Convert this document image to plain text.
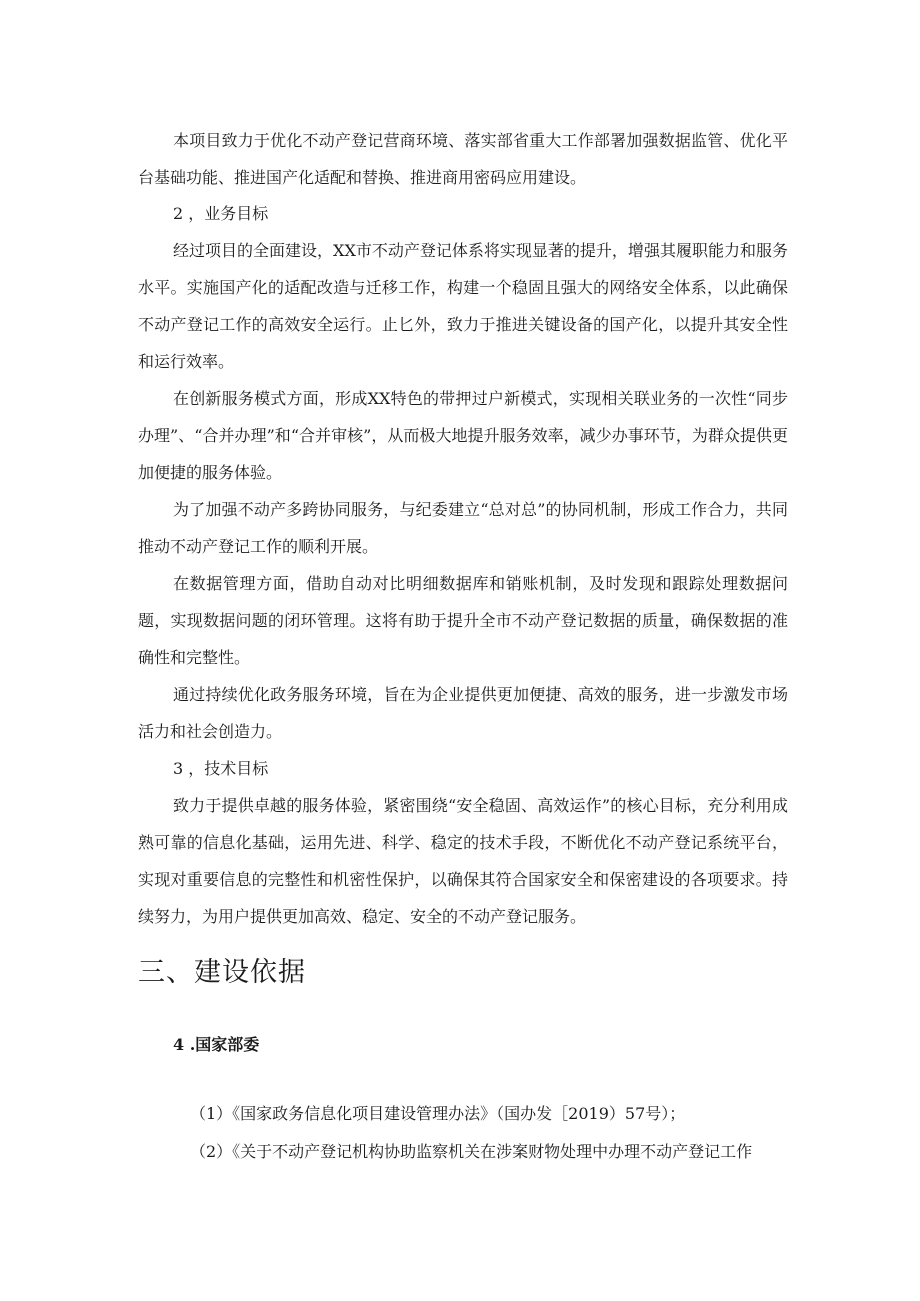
本项目致力于优化不动产登记营商环境、落实部省重大工作部署加强数据监管、优化平台基础功能、推进国产化适配和替换、推进商用密码应用建设。

2 ，业务目标

经过项目的全面建设，XX市不动产登记体系将实现显著的提升，增强其履职能力和服务水平。实施国产化的适配改造与迁移工作，构建一个稳固且强大的网络安全体系，以此确保不动产登记工作的高效安全运行。止匕外，致力于推进关键设备的国产化，以提升其安全性和运行效率。

在创新服务模式方面，形成XX特色的带押过户新模式，实现相关联业务的一次性“同步办理”、“合并办理”和“合并审核”，从而极大地提升服务效率，减少办事环节，为群众提供更加便捷的服务体验。

为了加强不动产多跨协同服务，与纪委建立“总对总”的协同机制，形成工作合力，共同推动不动产登记工作的顺利开展。

在数据管理方面，借助自动对比明细数据库和销账机制，及时发现和跟踪处理数据问题，实现数据问题的闭环管理。这将有助于提升全市不动产登记数据的质量，确保数据的准确性和完整性。

通过持续优化政务服务环境，旨在为企业提供更加便捷、高效的服务，进一步激发市场活力和社会创造力。

3 ，技术目标

致力于提供卓越的服务体验，紧密围绕“安全稳固、高效运作”的核心目标，充分利用成熟可靠的信息化基础，运用先进、科学、稳定的技术手段，不断优化不动产登记系统平台，实现对重要信息的完整性和机密性保护，以确保其符合国家安全和保密建设的各项要求。持续努力，为用户提供更加高效、稳定、安全的不动产登记服务。

三、建设依据
4 .国家部委

（1）《国家政务信息化项目建设管理办法》（国办发［2019）57号）；

（2）《关于不动产登记机构协助监察机关在涉案财物处理中办理不动产登记工作
